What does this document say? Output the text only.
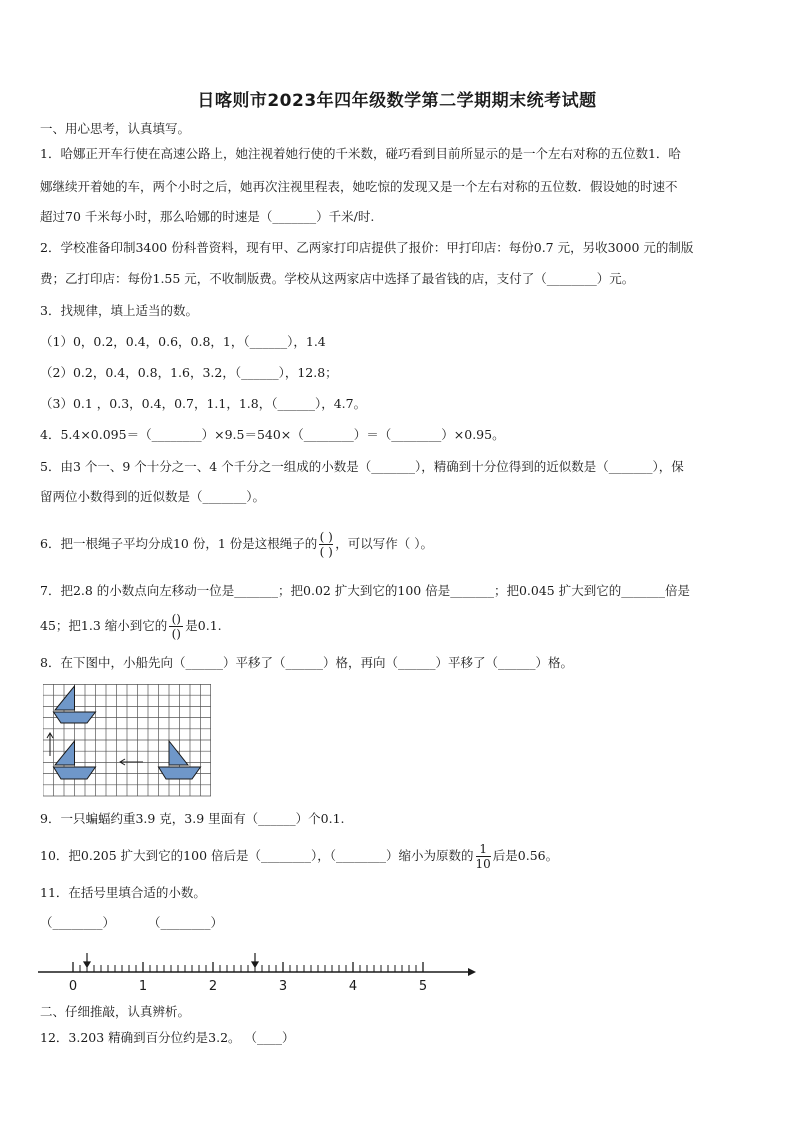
日喀则市2023年四年级数学第二学期期末统考试题
一、用心思考，认真填写。
1．哈娜正开车行使在高速公路上，她注视着她行使的千米数，碰巧看到目前所显示的是一个左右对称的五位数1．哈
娜继续开着她的车，两个小时之后，她再次注视里程表，她吃惊的发现又是一个左右对称的五位数．假设她的时速不
超过70 千米每小时，那么哈娜的时速是（_______）千米/时.
2．学校准备印制3400 份科普资料，现有甲、乙两家打印店提供了报价：甲打印店：每份0.7 元，另收3000 元的制版
费；乙打印店：每份1.55 元，不收制版费。学校从这两家店中选择了最省钱的店，支付了（________）元。
3．找规律，填上适当的数。
（1）0，0.2，0.4，0.6，0.8，1，（______），1.4
（2）0.2，0.4，0.8，1.6，3.2，（______），12.8；
（3）0.1 ，0.3，0.4，0.7，1.1，1.8，（______），4.7。
4．5.4×0.095＝（________）×9.5＝540×（________）＝（________）×0.95。
5．由3 个一、9 个十分之一、4 个千分之一组成的小数是（_______），精确到十分位得到的近似数是（_______），保
留两位小数得到的近似数是（_______）。
6．把一根绳子平均分成10 份，1 份是这根绳子的 $\frac{( )}{( )}$ ，可以写作（ ）。
7．把2.8 的小数点向左移动一位是_______；把0.02 扩大到它的100 倍是_______；把0.045 扩大到它的_______倍是
45；把1.3 缩小到它的 $\frac{()}{()}$ 是0.1.
8．在下图中，小船先向（______）平移了（______）格，再向（______）平移了（______）格。
9．一只蝙蝠约重3.9 克，3.9 里面有（______）个0.1.
10．把0.205 扩大到它的100 倍后是（________），（________）缩小为原数的 $\frac{1}{10}$ 后是0.56。
11．在括号里填合适的小数。
（________）	（________）
0	1	2	3	4	5
二、仔细推敲，认真辨析。
12．3.203 精确到百分位约是3.2。 （____）
